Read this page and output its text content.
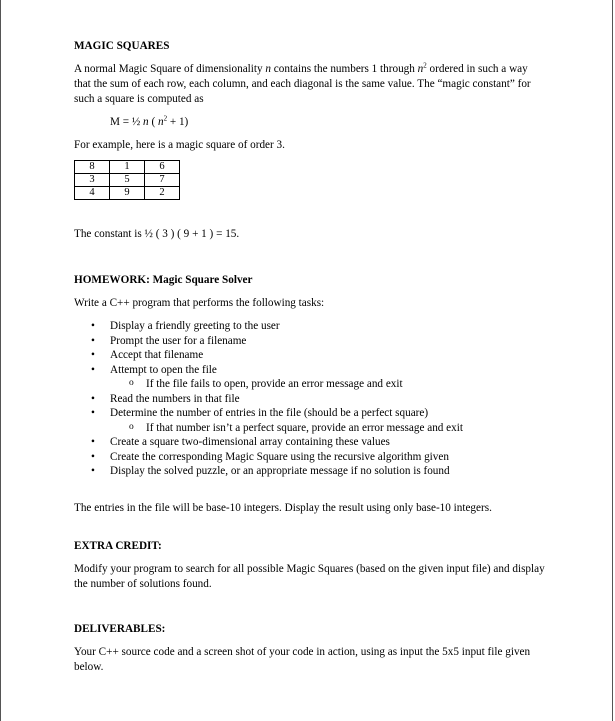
MAGIC SQUARES

A normal Magic Square of dimensionality n contains the numbers 1 through $n^2$ ordered in such a way that the sum of each row, each column, and each diagonal is the same value. The “magic constant” for such a square is computed as

M = ½ n ( $n^2 + 1$)

For example, here is a magic square of order 3.

8	1	6
3	5	7
4	9	2

The constant is ½ ( 3 ) ( 9 + 1 ) = 15.

HOMEWORK: Magic Square Solver

Write a C++ program that performs the following tasks:

• Display a friendly greeting to the user
• Prompt the user for a filename
• Accept that filename
• Attempt to open the file
o If the file fails to open, provide an error message and exit
• Read the numbers in that file
• Determine the number of entries in the file (should be a perfect square)
o If that number isn’t a perfect square, provide an error message and exit
• Create a square two-dimensional array containing these values
• Create the corresponding Magic Square using the recursive algorithm given
• Display the solved puzzle, or an appropriate message if no solution is found

The entries in the file will be base-10 integers. Display the result using only base-10 integers.

EXTRA CREDIT:

Modify your program to search for all possible Magic Squares (based on the given input file) and display the number of solutions found.

DELIVERABLES:

Your C++ source code and a screen shot of your code in action, using as input the 5x5 input file given below.
